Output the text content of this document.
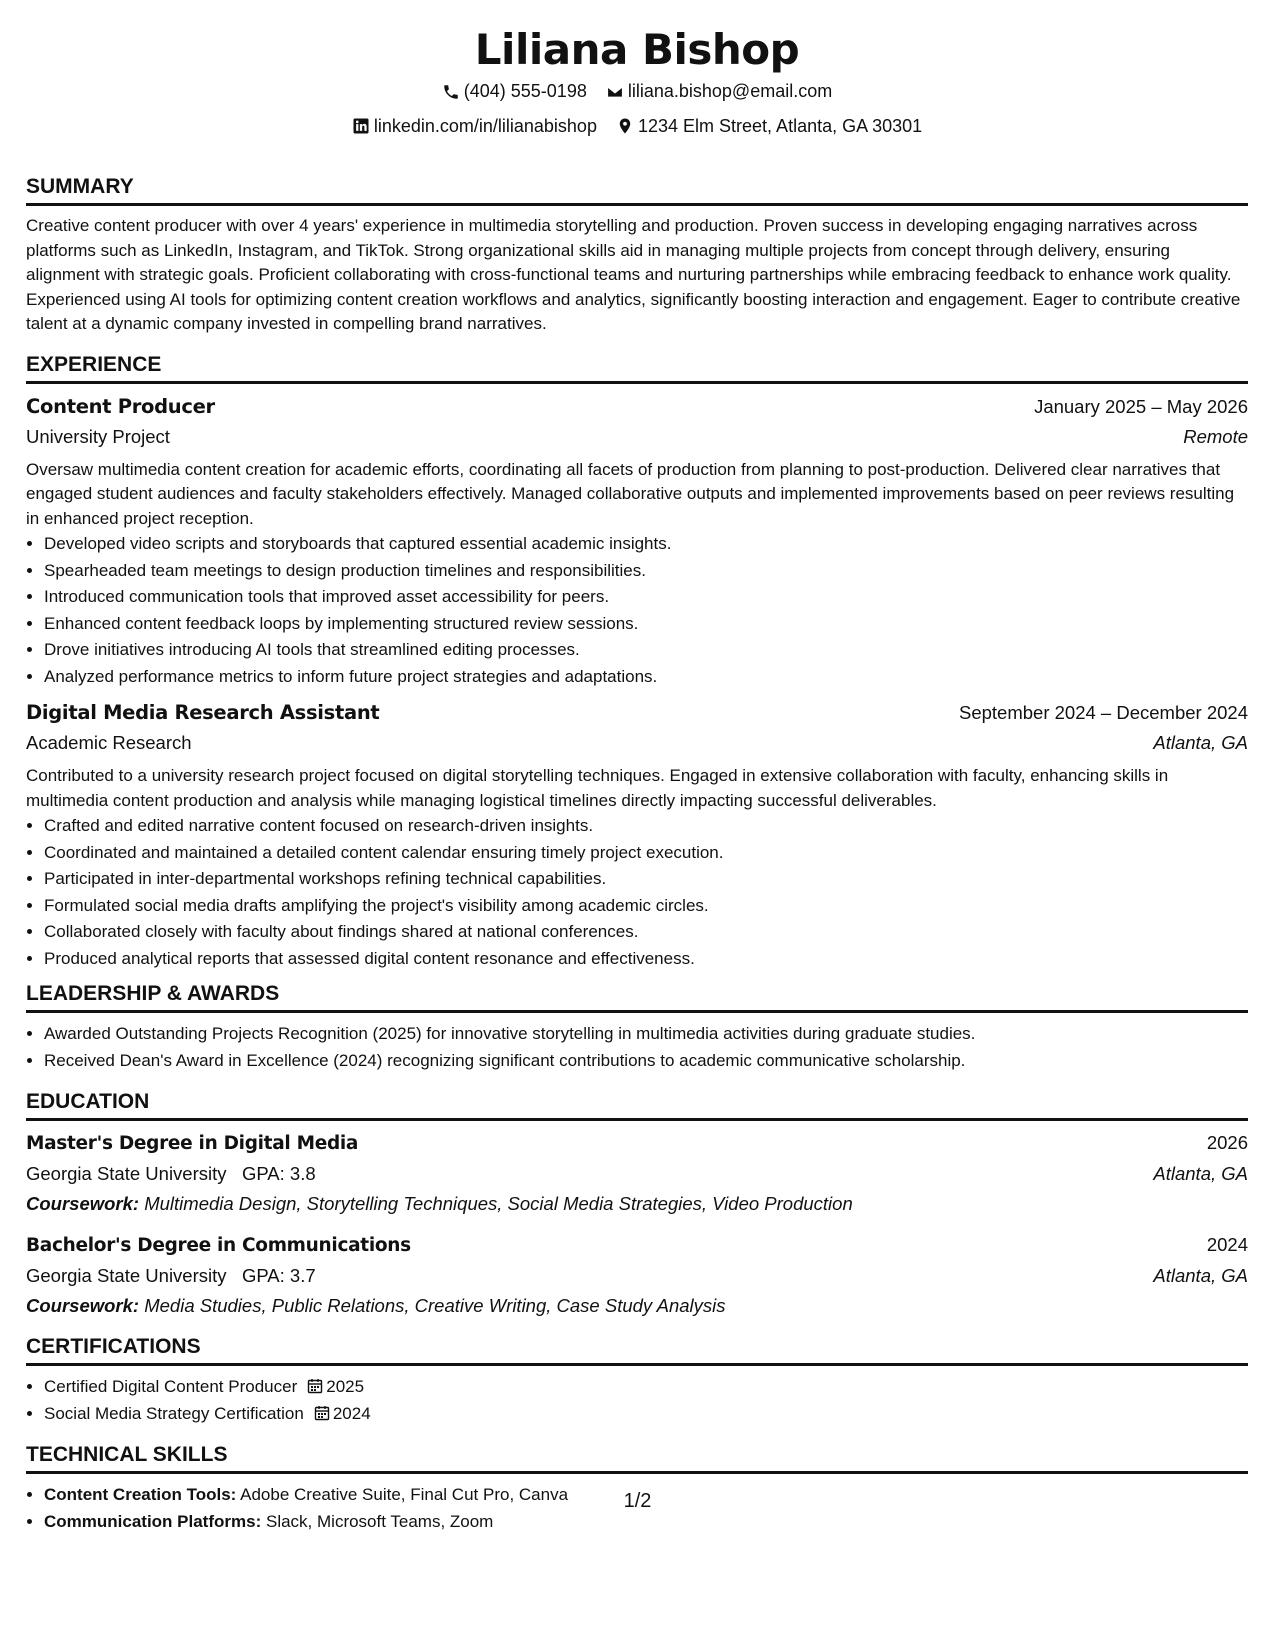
Liliana Bishop
(404) 555-0198
liliana.bishop@email.com
linkedin.com/in/lilianabishop
1234 Elm Street, Atlanta, GA 30301
SUMMARY

Creative content producer with over 4 years' experience in multimedia storytelling and production. Proven success in developing engaging narratives across platforms such as LinkedIn, Instagram, and TikTok. Strong organizational skills aid in managing multiple projects from concept through delivery, ensuring alignment with strategic goals. Proficient collaborating with cross-functional teams and nurturing partnerships while embracing feedback to enhance work quality. Experienced using AI tools for optimizing content creation workflows and analytics, significantly boosting interaction and engagement. Eager to contribute creative talent at a dynamic company invested in compelling brand narratives.

EXPERIENCE
Content Producer	January 2025 – May 2026
University Project	Remote

Oversaw multimedia content creation for academic efforts, coordinating all facets of production from planning to post-production. Delivered clear narratives that engaged student audiences and faculty stakeholders effectively. Managed collaborative outputs and implemented improvements based on peer reviews resulting in enhanced project reception.

• Developed video scripts and storyboards that captured essential academic insights.
• Spearheaded team meetings to design production timelines and responsibilities.
• Introduced communication tools that improved asset accessibility for peers.
• Enhanced content feedback loops by implementing structured review sessions.
• Drove initiatives introducing AI tools that streamlined editing processes.
• Analyzed performance metrics to inform future project strategies and adaptations.
Digital Media Research Assistant	September 2024 – December 2024
Academic Research	Atlanta, GA

Contributed to a university research project focused on digital storytelling techniques. Engaged in extensive collaboration with faculty, enhancing skills in multimedia content production and analysis while managing logistical timelines directly impacting successful deliverables.

• Crafted and edited narrative content focused on research-driven insights.
• Coordinated and maintained a detailed content calendar ensuring timely project execution.
• Participated in inter-departmental workshops refining technical capabilities.
• Formulated social media drafts amplifying the project's visibility among academic circles.
• Collaborated closely with faculty about findings shared at national conferences.
• Produced analytical reports that assessed digital content resonance and effectiveness.
LEADERSHIP & AWARDS
• Awarded Outstanding Projects Recognition (2025) for innovative storytelling in multimedia activities during graduate studies.
• Received Dean's Award in Excellence (2024) recognizing significant contributions to academic communicative scholarship.
EDUCATION
Master's Degree in Digital Media	2026
Georgia State University GPA: 3.8	Atlanta, GA
Coursework: Multimedia Design, Storytelling Techniques, Social Media Strategies, Video Production
Bachelor's Degree in Communications	2024
Georgia State University GPA: 3.7	Atlanta, GA
Coursework: Media Studies, Public Relations, Creative Writing, Case Study Analysis
CERTIFICATIONS
• Certified Digital Content Producer 2025
• Social Media Strategy Certification 2024
TECHNICAL SKILLS
• Content Creation Tools: Adobe Creative Suite, Final Cut Pro, Canva
• Communication Platforms: Slack, Microsoft Teams, Zoom
1/2
